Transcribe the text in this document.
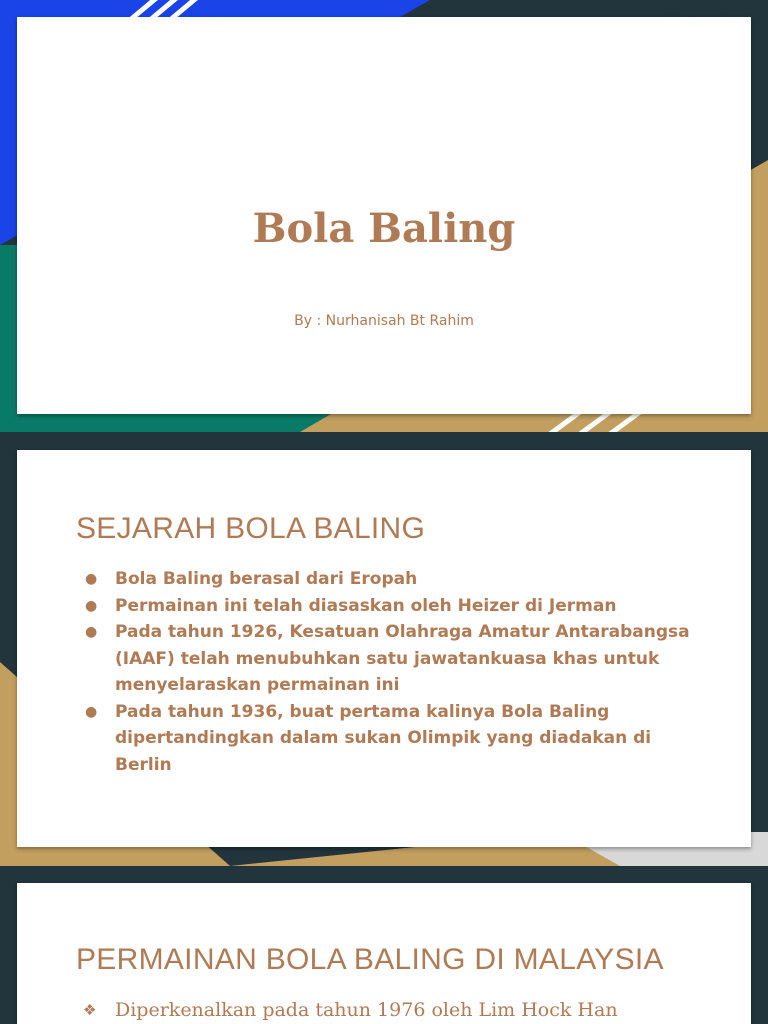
Bola Baling
By : Nurhanisah Bt Rahim
SEJARAH BOLA BALING
● Bola Baling berasal dari Eropah
● Permainan ini telah diasaskan oleh Heizer di Jerman
● Pada tahun 1926, Kesatuan Olahraga Amatur Antarabangsa (IAAF) telah menubuhkan satu jawatankuasa khas untuk menyelaraskan permainan ini
● Pada tahun 1936, buat pertama kalinya Bola Baling dipertandingkan dalam sukan Olimpik yang diadakan di Berlin
PERMAINAN BOLA BALING DI MALAYSIA
❖ Diperkenalkan pada tahun 1976 oleh Lim Hock Han
